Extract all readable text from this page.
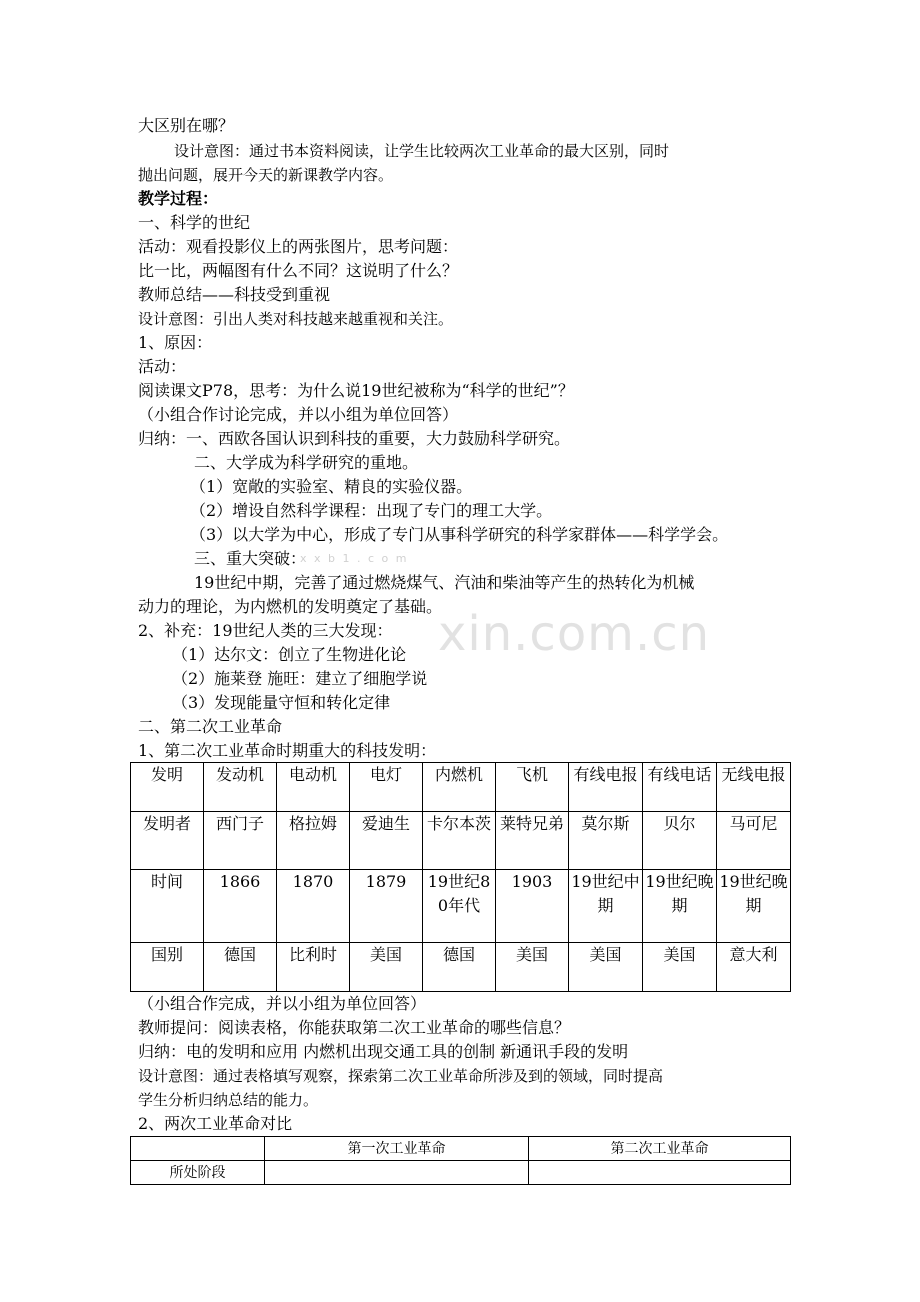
大区别在哪？
设计意图：通过书本资料阅读，让学生比较两次工业革命的最大区别，同时
抛出问题，展开今天的新课教学内容。
教学过程：
一、科学的世纪
活动：观看投影仪上的两张图片，思考问题：
比一比，两幅图有什么不同？这说明了什么？
教师总结——科技受到重视
设计意图：引出人类对科技越来越重视和关注。
1、原因：
活动：
阅读课文P78，思考：为什么说19世纪被称为“科学的世纪”？
（小组合作讨论完成，并以小组为单位回答）
归纳：一、西欧各国认识到科技的重要，大力鼓励科学研究。
二、大学成为科学研究的重地。
（1）宽敞的实验室、精良的实验仪器。
（2）增设自然科学课程：出现了专门的理工大学。
（3）以大学为中心，形成了专门从事科学研究的科学家群体——科学学会。
三、重大突破：
19世纪中期，完善了通过燃烧煤气、汽油和柴油等产生的热转化为机械
动力的理论，为内燃机的发明奠定了基础。
2、补充：19世纪人类的三大发现：
（1）达尔文：创立了生物进化论
（2）施莱登 施旺：建立了细胞学说
（3）发现能量守恒和转化定律
二、第二次工业革命
1、第二次工业革命时期重大的科技发明：
x x b 1 . c o m
xin.com.cn
发明	发动机	电动机	电灯	内燃机	飞机	有线电报	有线电话	无线电报
发明者	西门子	格拉姆	爱迪生	卡尔本茨	莱特兄弟	莫尔斯	贝尔	马可尼
时间	1866	1870	1879	19世纪80年代	1903	19世纪中期	19世纪晚期	19世纪晚期
国别	德国	比利时	美国	德国	美国	美国	美国	意大利
（小组合作完成，并以小组为单位回答）
教师提问：阅读表格，你能获取第二次工业革命的哪些信息？
归纳：电的发明和应用 内燃机出现交通工具的创制 新通讯手段的发明
设计意图：通过表格填写观察，探索第二次工业革命所涉及到的领域，同时提高
学生分析归纳总结的能力。
2、两次工业革命对比
	第一次工业革命	第二次工业革命
所处阶段		
